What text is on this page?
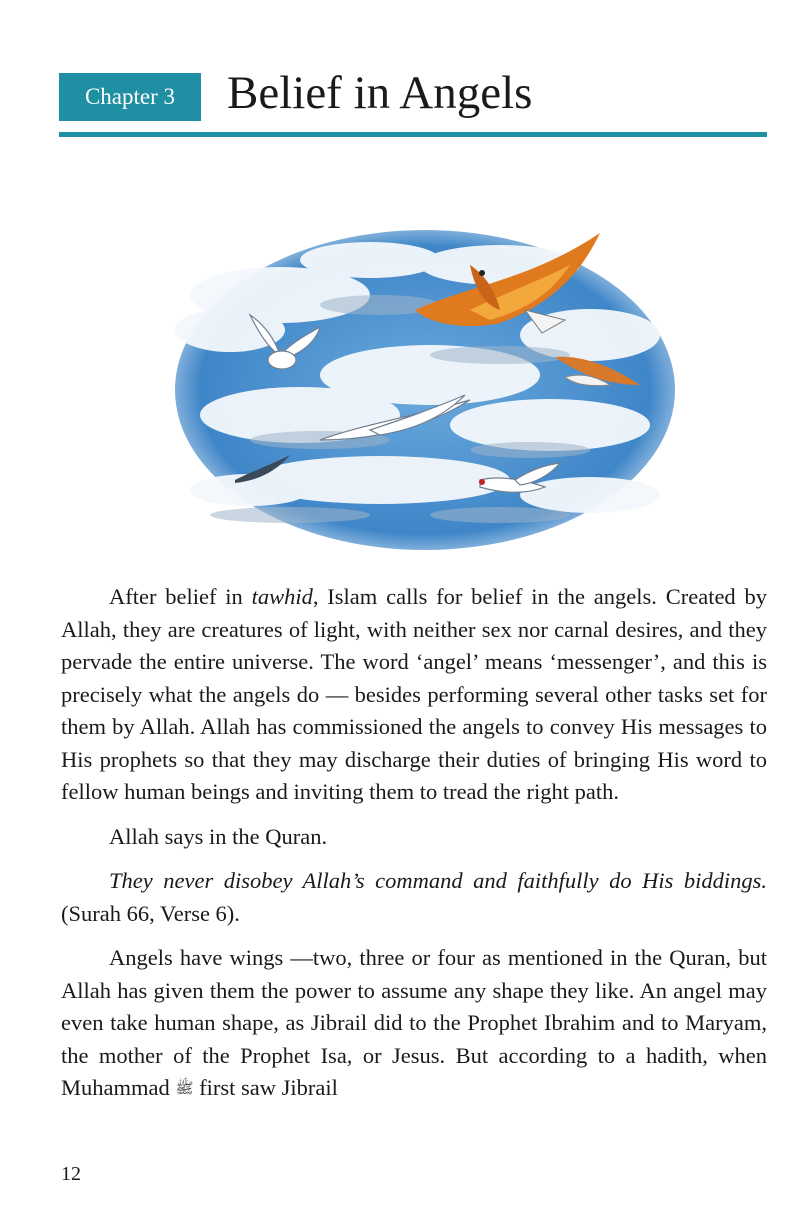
Chapter 3	Belief in Angels

After belief in tawhid, Islam calls for belief in the angels. Created by Allah, they are creatures of light, with neither sex nor carnal desires, and they pervade the entire universe. The word ‘angel’ means ‘messenger’, and this is precisely what the angels do — besides performing several other tasks set for them by Allah. Allah has commissioned the angels to convey His messages to His prophets so that they may discharge their duties of bringing His word to fellow human beings and inviting them to tread the right path.

Allah says in the Quran.

They never disobey Allah’s command and faithfully do His biddings. (Surah 66, Verse 6).

Angels have wings —two, three or four as mentioned in the Quran, but Allah has given them the power to assume any shape they like. An angel may even take human shape, as Jibrail did to the Prophet Ibrahim and to Maryam, the mother of the Prophet Isa, or Jesus. But according to a hadith, when Muhammad ﷺ first saw Jibrail

12
